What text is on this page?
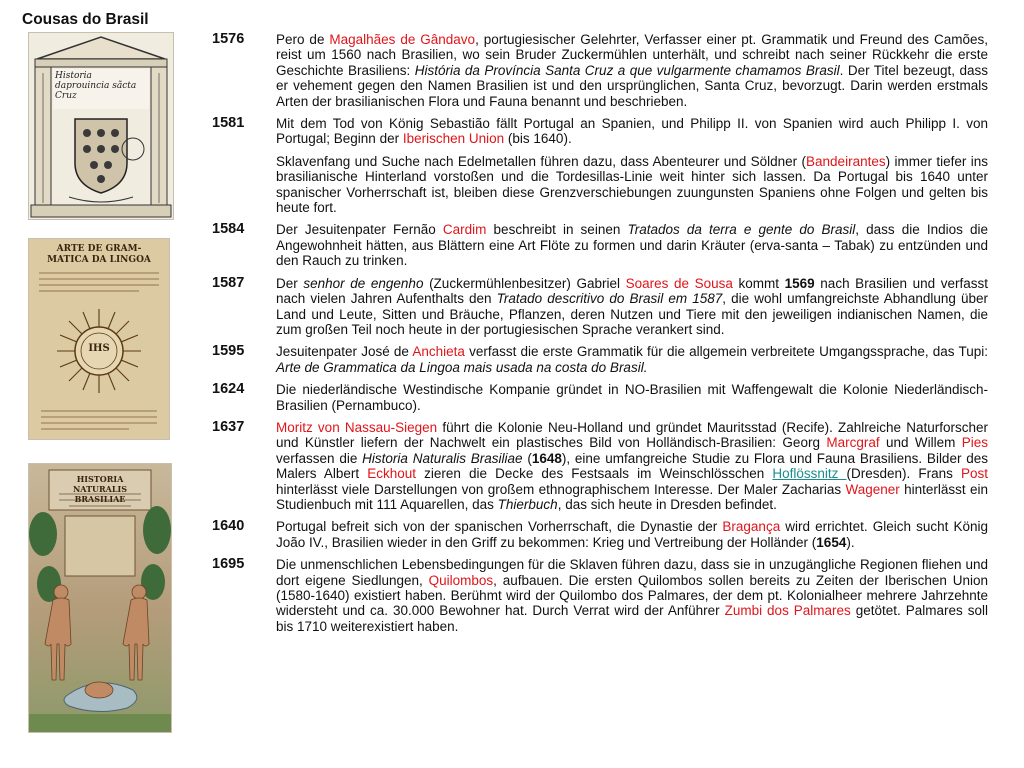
Cousas do Brasil
Historia daprouincia sãcta Cruz
ARTE DE GRAM- MATICA DA LINGOA
IHS
HISTORIA NATURALIS BRASILIAE
1576	Pero de Magalhães de Gândavo, portugiesischer Gelehrter, Verfasser einer pt. Grammatik und Freund des Camões, reist um 1560 nach Brasilien, wo sein Bruder Zuckermühlen unterhält, und schreibt nach seiner Rückkehr die erste Geschichte Brasiliens: História da Província Santa Cruz a que vulgarmente chamamos Brasil. Der Titel bezeugt, dass er vehement gegen den Namen Brasilien ist und den ursprünglichen, Santa Cruz, bevorzugt. Darin werden erstmals Arten der brasilianischen Flora und Fauna benannt und beschrieben.

1581	Mit dem Tod von König Sebastião fällt Portugal an Spanien, und Philipp II. von Spanien wird auch Philipp I. von Portugal; Beginn der Iberischen Union (bis 1640).

Sklavenfang und Suche nach Edelmetallen führen dazu, dass Abenteurer und Söldner (Bandeirantes) immer tiefer ins brasilianische Hinterland vorstoßen und die Tordesillas-Linie weit hinter sich lassen. Da Portugal bis 1640 unter spanischer Vorherrschaft ist, bleiben diese Grenzverschiebungen zuungunsten Spaniens ohne Folgen und gelten bis heute fort.

1584	Der Jesuitenpater Fernão Cardim beschreibt in seinen Tratados da terra e gente do Brasil, dass die Indios die Angewohnheit hätten, aus Blättern eine Art Flöte zu formen und darin Kräuter (erva-santa – Tabak) zu entzünden und den Rauch zu trinken.

1587	Der senhor de engenho (Zuckermühlenbesitzer) Gabriel Soares de Sousa kommt 1569 nach Brasilien und verfasst nach vielen Jahren Aufenthalts den Tratado descritivo do Brasil em 1587, die wohl umfangreichste Abhandlung über Land und Leute, Sitten und Bräuche, Pflanzen, deren Nutzen und Tiere mit den jeweiligen indianischen Namen, die zum großen Teil noch heute in der portugiesischen Sprache verankert sind.

1595	Jesuitenpater José de Anchieta verfasst die erste Grammatik für die allgemein verbreitete Umgangssprache, das Tupi: Arte de Grammatica da Lingoa mais usada na costa do Brasil.

1624	Die niederländische Westindische Kompanie gründet in NO-Brasilien mit Waffengewalt die Kolonie Niederländisch-Brasilien (Pernambuco).

1637	Moritz von Nassau-Siegen führt die Kolonie Neu-Holland und gründet Mauritsstad (Recife). Zahlreiche Naturforscher und Künstler liefern der Nachwelt ein plastisches Bild von Holländisch-Brasilien: Georg Marcgraf und Willem Pies verfassen die Historia Naturalis Brasiliae (1648), eine umfangreiche Studie zu Flora und Fauna Brasiliens. Bilder des Malers Albert Eckhout zieren die Decke des Festsaals im Weinschlösschen Hoflössnitz (Dresden). Frans Post hinterlässt viele Darstellungen von großem ethnographischem Interesse. Der Maler Zacharias Wagener hinterlässt ein Studienbuch mit 111 Aquarellen, das Thierbuch, das sich heute in Dresden befindet.

1640	Portugal befreit sich von der spanischen Vorherrschaft, die Dynastie der Bragança wird errichtet. Gleich sucht König João IV., Brasilien wieder in den Griff zu bekommen: Krieg und Vertreibung der Holländer (1654).

1695	Die unmenschlichen Lebensbedingungen für die Sklaven führen dazu, dass sie in unzugängliche Regionen fliehen und dort eigene Siedlungen, Quilombos, aufbauen. Die ersten Quilombos sollen bereits zu Zeiten der Iberischen Union (1580-1640) existiert haben. Berühmt wird der Quilombo dos Palmares, der dem pt. Kolonialheer mehrere Jahrzehnte widersteht und ca. 30.000 Bewohner hat. Durch Verrat wird der Anführer Zumbi dos Palmares getötet. Palmares soll bis 1710 weiterexistiert haben.
